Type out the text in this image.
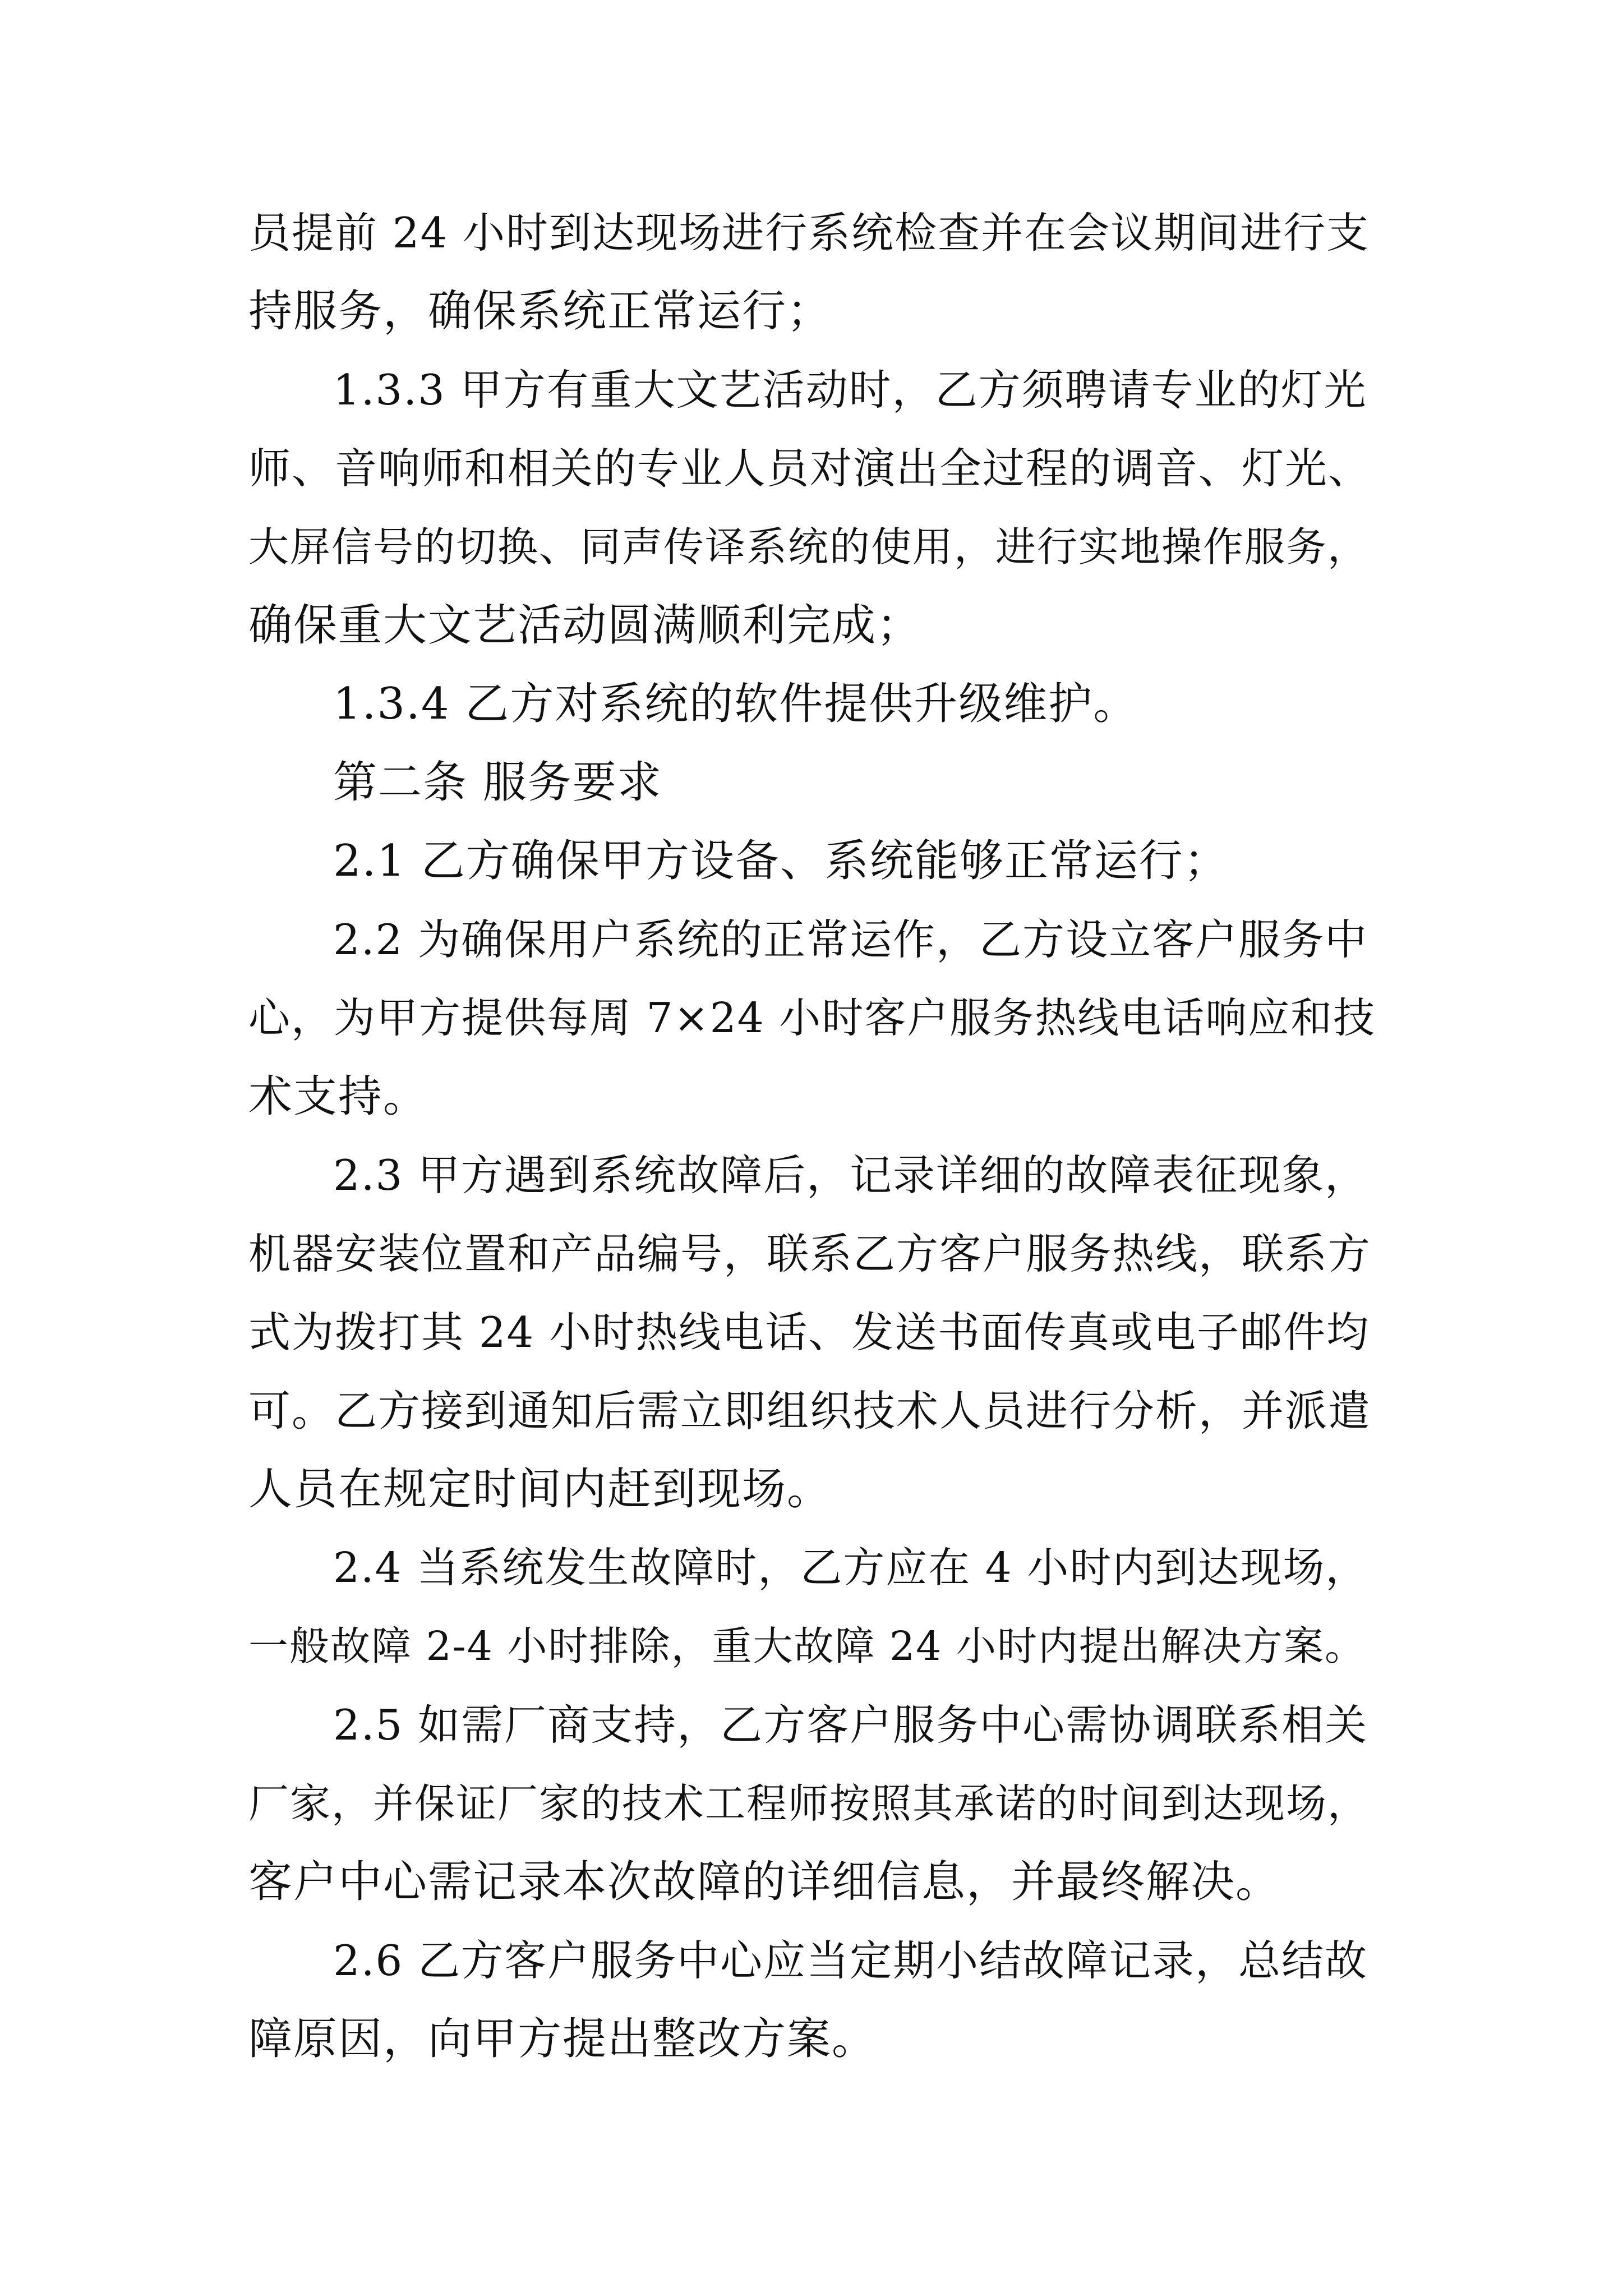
员提前 24 小时到达现场进行系统检查并在会议期间进行支
持服务，确保系统正常运行；
1.3.3 甲方有重大文艺活动时，乙方须聘请专业的灯光
师、音响师和相关的专业人员对演出全过程的调音、灯光、
大屏信号的切换、同声传译系统的使用，进行实地操作服务，
确保重大文艺活动圆满顺利完成；
1.3.4 乙方对系统的软件提供升级维护。
第二条 服务要求
2.1 乙方确保甲方设备、系统能够正常运行；
2.2 为确保用户系统的正常运作，乙方设立客户服务中
心，为甲方提供每周 7×24 小时客户服务热线电话响应和技
术支持。
2.3 甲方遇到系统故障后，记录详细的故障表征现象，
机器安装位置和产品编号，联系乙方客户服务热线，联系方
式为拨打其 24 小时热线电话、发送书面传真或电子邮件均
可。乙方接到通知后需立即组织技术人员进行分析，并派遣
人员在规定时间内赶到现场。
2.4 当系统发生故障时，乙方应在 4 小时内到达现场，
一般故障 2-4 小时排除，重大故障 24 小时内提出解决方案。
2.5 如需厂商支持，乙方客户服务中心需协调联系相关
厂家，并保证厂家的技术工程师按照其承诺的时间到达现场，
客户中心需记录本次故障的详细信息，并最终解决。
2.6 乙方客户服务中心应当定期小结故障记录，总结故
障原因，向甲方提出整改方案。
